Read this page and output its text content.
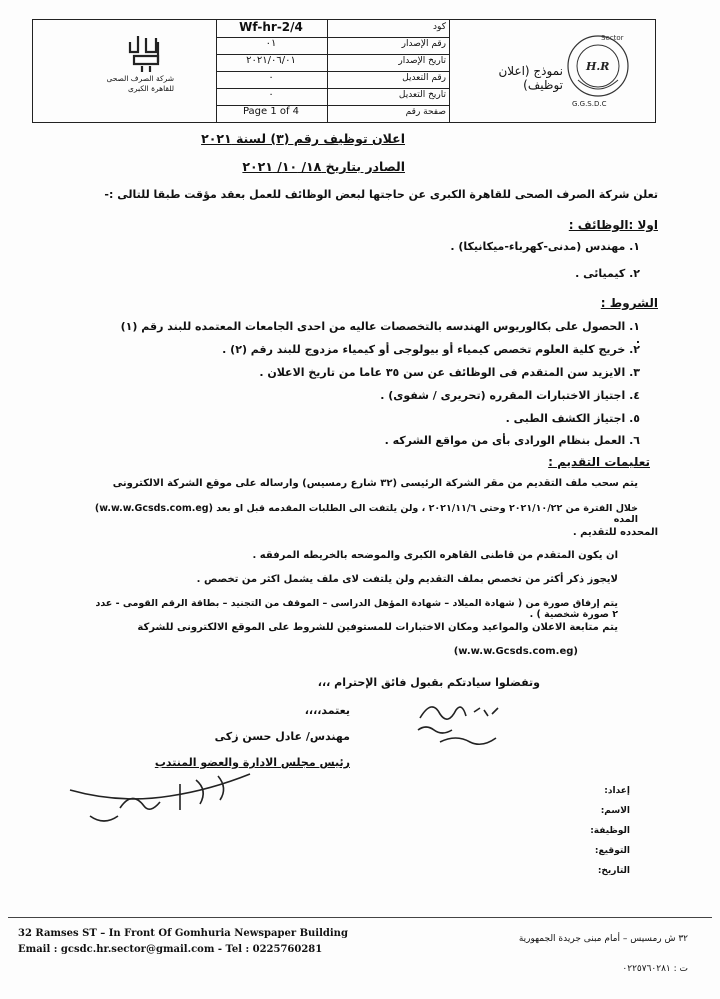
Wf-hr-2/4	كود
٠١	رقم الإصدار
٢٠٢١/٠٦/٠١	تاريخ الإصدار
٠	رقم التعديل
٠	تاريخ التعديل
Page 1 of 4	صفحة رقم
نموذج (اعلان توظيف)
Sector
H.R
G.G.S.D.C
شركة الصرف الصحى للقاهرة الكبرى
اعلان توظيف رقم (٣) لسنة ٢٠٢١
الصادر بتاريخ ١٨/ ١٠/ ٢٠٢١
تعلن شركة الصرف الصحى للقاهرة الكبرى عن حاجتها لبعض الوظائف للعمل بعقد مؤقت طبقا للتالى :-
اولا :الوظائف :
١. مهندس (مدنى-كهرباء-ميكانيكا) .
٢. كيميائى .
الشروط :
١. الحصول على بكالوريوس الهندسه بالتخصصات عاليه من احدى الجامعات المعتمده للبند رقم (١) .
٢. خريج كلية العلوم تخصص كيمياء أو بيولوجى أو كيمياء مزدوج للبند رقم (٢) .
٣. الايزيد سن المتقدم فى الوظائف عن سن ٣٥ عاما من تاريخ الاعلان .
٤. اجتياز الاختبارات المقرره (تحريرى / شفوى) .
٥. اجتياز الكشف الطبى .
٦. العمل بنظام الورادى بأى من مواقع الشركه .
تعليمات التقديم :
يتم سحب ملف التقديم من مقر الشركة الرئيسى (٣٢ شارع رمسيس) وارساله على موقع الشركة الالكترونى
(w.w.w.Gcsds.com.eg) خلال الفترة من ٢٠٢١/١٠/٢٢ وحتى ٢٠٢١/١١/٦ ، ولن يلتفت الى الطلبات المقدمه قبل او بعد المده
المحدده للتقديم .
ان يكون المتقدم من قاطنى القاهره الكبرى والموضحه بالخريطه المرفقه .
لايجوز ذكر أكثر من تخصص بملف التقديم ولن يلتفت لاى ملف يشمل اكثر من تخصص .
يتم إرفاق صورة من ( شهادة الميلاد – شهادة المؤهل الدراسى – الموقف من التجنيد – بطاقة الرقم القومى - عدد ٢ صورة شخصية ) .
يتم متابعة الاعلان والمواعيد ومكان الاختبارات للمستوفين للشروط على الموقع الالكترونى للشركة
(w.w.w.Gcsds.com.eg)
وتفضلوا سيادتكم بقبول فائق الإحترام ،،،
يعتمد،،،،
مهندس/ عادل حسن زكى
رئيس مجلس الادارة والعضو المنتدب
إعداد:
الاسم:
الوظيفة:
التوقيع:
التاريخ:
32 Ramses ST – In Front Of Gomhuria Newspaper Building
Email : gcsdc.hr.sector@gmail.com - Tel : 0225760281
٣٢ ش رمسيس – أمام مبنى جريدة الجمهورية
ت : ٠٢٢٥٧٦٠٢٨١
